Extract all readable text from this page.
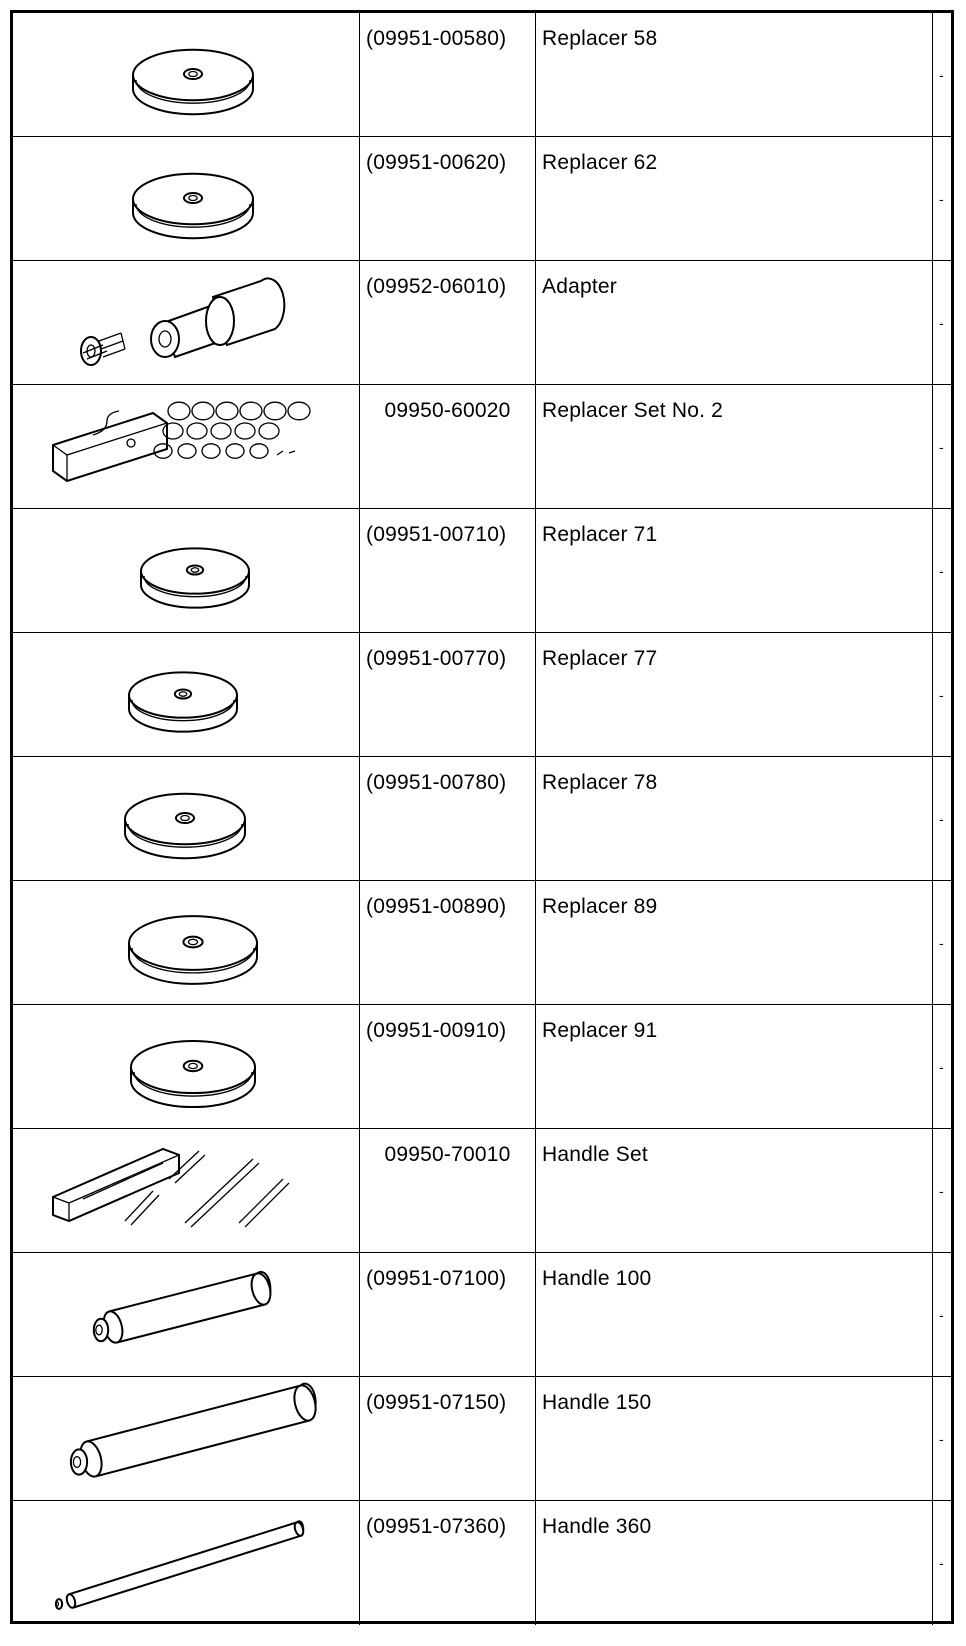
(09951-00580)	Replacer 58
-
(09951-00620)	Replacer 62
-
(09952-06010)	Adapter
-
09950-60020	Replacer Set No. 2
-
(09951-00710)	Replacer 71
-
(09951-00770)	Replacer 77
-
(09951-00780)	Replacer 78
-
(09951-00890)	Replacer 89
-
(09951-00910)	Replacer 91
-
09950-70010	Handle Set
-
(09951-07100)	Handle 100
-
(09951-07150)	Handle 150
-
(09951-07360)	Handle 360
-
